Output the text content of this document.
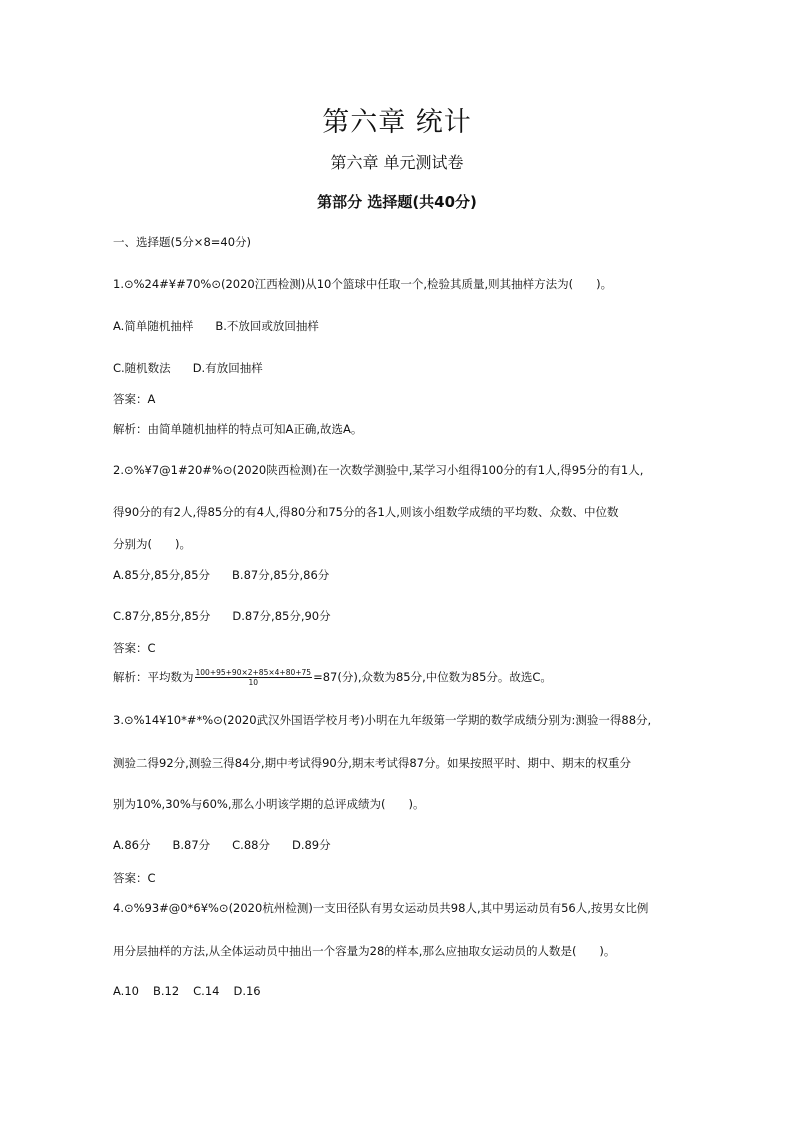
第六章 统计
第六章 单元测试卷
第部分 选择题(共40分)
一、选择题(5分×8=40分)
1.⊙%24#¥#70%⊙(2020江西检测)从10个篮球中任取一个,检验其质量,则其抽样方法为(　　)。
A.简单随机抽样 B.不放回或放回抽样
C.随机数法 D.有放回抽样
答案：A
解析：由简单随机抽样的特点可知A正确,故选A。
2.⊙%¥7@1#20#%⊙(2020陕西检测)在一次数学测验中,某学习小组得100分的有1人,得95分的有1人,
得90分的有2人,得85分的有4人,得80分和75分的各1人,则该小组数学成绩的平均数、众数、中位数
分别为(　　)。
A.85分,85分,85分 B.87分,85分,86分
C.87分,85分,85分 D.87分,85分,90分
答案：C
解析：平均数为 $\frac{100+95+90\times 2+85\times 4+80+75}{10} =87$(分),众数为85分,中位数为85分。故选C。
3.⊙%14¥10*#*%⊙(2020武汉外国语学校月考)小明在九年级第一学期的数学成绩分别为:测验一得88分,
测验二得92分,测验三得84分,期中考试得90分,期末考试得87分。如果按照平时、期中、期末的权重分
别为10%,30%与60%,那么小明该学期的总评成绩为(　　)。
A.86分 B.87分 C.88分 D.89分
答案：C
4.⊙%93#@0*6¥%⊙(2020杭州检测)一支田径队有男女运动员共98人,其中男运动员有56人,按男女比例
用分层抽样的方法,从全体运动员中抽出一个容量为28的样本,那么应抽取女运动员的人数是(　　)。
A.10 B.12 C.14 D.16
